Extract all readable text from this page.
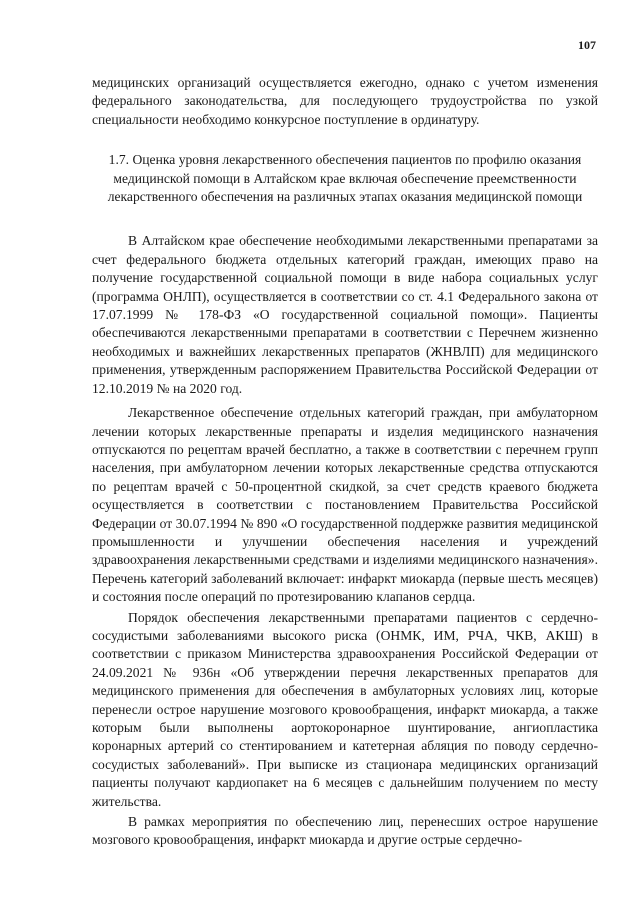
107

медицинских организаций осуществляется ежегодно, однако с учетом изменения федерального законодательства, для последующего трудоустройства по узкой специальности необходимо конкурсное поступление в ординатуру.

1.7. Оценка уровня лекарственного обеспечения пациентов по профилю оказания медицинской помощи в Алтайском крае включая обеспечение преемственности лекарственного обеспечения на различных этапах оказания медицинской помощи

В Алтайском крае обеспечение необходимыми лекарственными препаратами за счет федерального бюджета отдельных категорий граждан, имеющих право на получение государственной социальной помощи в виде набора социальных услуг (программа ОНЛП), осуществляется в соответствии со ст. 4.1 Федерального закона от 17.07.1999 № 178-ФЗ «О государственной социальной помощи». Пациенты обеспечиваются лекарственными препаратами в соответствии с Перечнем жизненно необходимых и важнейших лекарственных препаратов (ЖНВЛП) для медицинского применения, утвержденным распоряжением Правительства Российской Федерации от 12.10.2019 № на 2020 год.

Лекарственное обеспечение отдельных категорий граждан, при амбулаторном лечении которых лекарственные препараты и изделия медицинского назначения отпускаются по рецептам врачей бесплатно, а также в соответствии с перечнем групп населения, при амбулаторном лечении которых лекарственные средства отпускаются по рецептам врачей с 50-процентной скидкой, за счет средств краевого бюджета осуществляется в соответствии с постановлением Правительства Российской Федерации от 30.07.1994 № 890 «О государственной поддержке развития медицинской промышленности и улучшении обеспечения населения и учреждений здравоохранения лекарственными средствами и изделиями медицинского назначения». Перечень категорий заболеваний включает: инфаркт миокарда (первые шесть месяцев) и состояния после операций по протезированию клапанов сердца.

Порядок обеспечения лекарственными препаратами пациентов с сердечно-сосудистыми заболеваниями высокого риска (ОНМК, ИМ, РЧА, ЧКВ, АКШ) в соответствии с приказом Министерства здравоохранения Российской Федерации от 24.09.2021 № 936н «Об утверждении перечня лекарственных препаратов для медицинского применения для обеспечения в амбулаторных условиях лиц, которые перенесли острое нарушение мозгового кровообращения, инфаркт миокарда, а также которым были выполнены аортокоронарное шунтирование, ангиопластика коронарных артерий со стентированием и катетерная абляция по поводу сердечно-сосудистых заболеваний». При выписке из стационара медицинских организаций пациенты получают кардиопакет на 6 месяцев с дальнейшим получением по месту жительства.

В рамках мероприятия по обеспечению лиц, перенесших острое нарушение мозгового кровообращения, инфаркт миокарда и другие острые сердечно-
